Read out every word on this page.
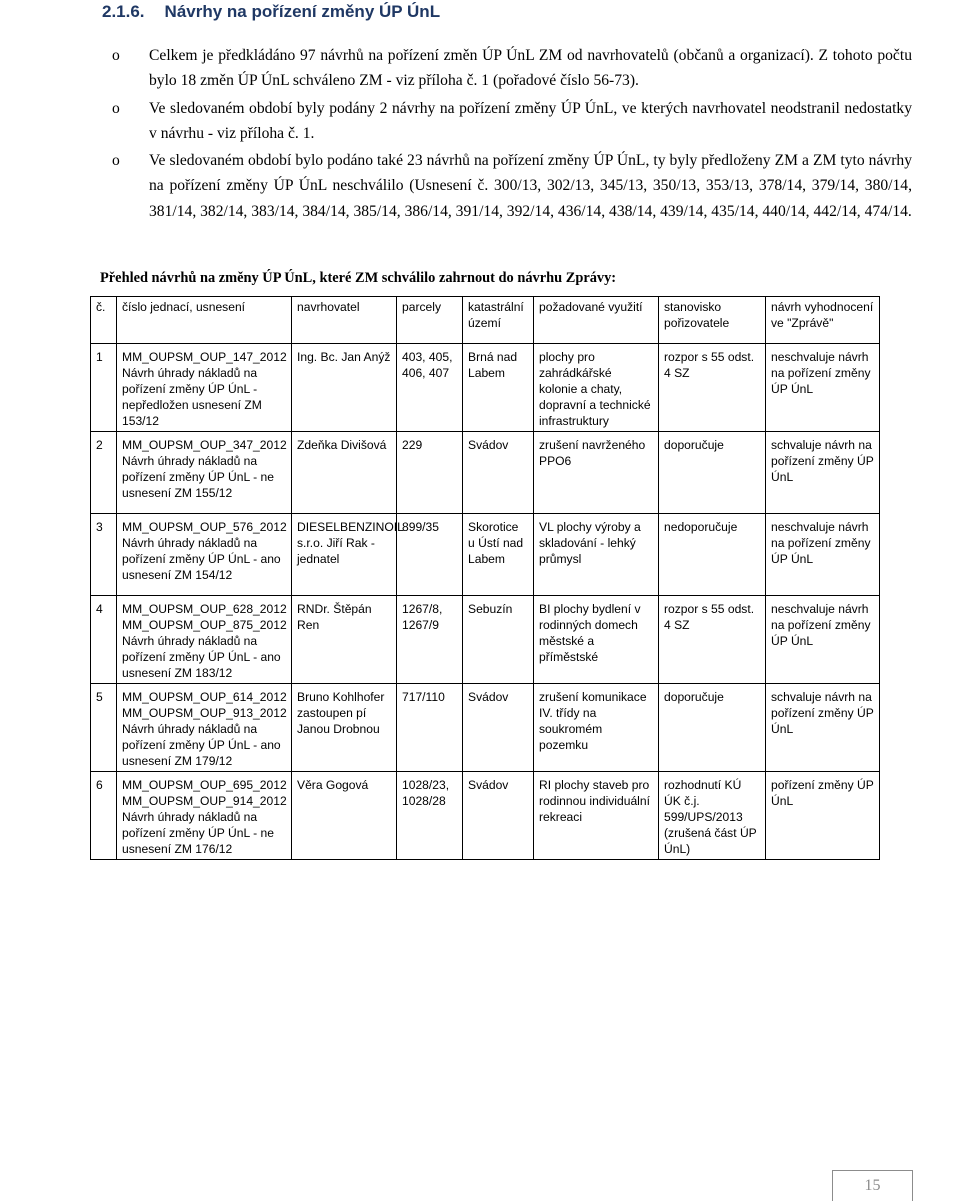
2.1.6. Návrhy na pořízení změny ÚP ÚnL
o Celkem je předkládáno 97 návrhů na pořízení změn ÚP ÚnL ZM od navrhovatelů (občanů a organizací). Z tohoto počtu bylo 18 změn ÚP ÚnL schváleno ZM - viz příloha č. 1 (pořadové číslo 56-73).
o Ve sledovaném období byly podány 2 návrhy na pořízení změny ÚP ÚnL, ve kterých navrhovatel neodstranil nedostatky v návrhu - viz příloha č. 1.
o Ve sledovaném období bylo podáno také 23 návrhů na pořízení změny ÚP ÚnL, ty byly předloženy ZM a ZM tyto návrhy na pořízení změny ÚP ÚnL neschválilo (Usnesení č. 300/13, 302/13, 345/13, 350/13, 353/13, 378/14, 379/14, 380/14, 381/14, 382/14, 383/14, 384/14, 385/14, 386/14, 391/14, 392/14, 436/14, 438/14, 439/14, 435/14, 440/14, 442/14, 474/14.
Přehled návrhů na změny ÚP ÚnL, které ZM schválilo zahrnout do návrhu Zprávy:
č.	číslo jednací, usnesení	navrhovatel	parcely	katastrální území	požadované využití	stanovisko pořizovatele	návrh vyhodnocení ve "Zprávě"
1	MM_OUPSM_OUP_147_2012 Návrh úhrady nákladů na pořízení změny ÚP ÚnL - nepředložen usnesení ZM 153/12	Ing. Bc. Jan Anýž	403, 405, 406, 407	Brná nad Labem	plochy pro zahrádkářské kolonie a chaty, dopravní a technické infrastruktury	rozpor s 55 odst. 4 SZ	neschvaluje návrh na pořízení změny ÚP ÚnL
2	MM_OUPSM_OUP_347_2012 Návrh úhrady nákladů na pořízení změny ÚP ÚnL - ne usnesení ZM 155/12	Zdeňka Divišová	229	Svádov	zrušení navrženého PPO6	doporučuje	schvaluje návrh na pořízení změny ÚP ÚnL
3	MM_OUPSM_OUP_576_2012 Návrh úhrady nákladů na pořízení změny ÚP ÚnL - ano usnesení ZM 154/12	DIESELBENZINOIL s.r.o. Jiří Rak - jednatel	899/35	Skorotice u Ústí nad Labem	VL plochy výroby a skladování - lehký průmysl	nedoporučuje	neschvaluje návrh na pořízení změny ÚP ÚnL
4	MM_OUPSM_OUP_628_2012 MM_OUPSM_OUP_875_2012 Návrh úhrady nákladů na pořízení změny ÚP ÚnL - ano usnesení ZM 183/12	RNDr. Štěpán Ren	1267/8, 1267/9	Sebuzín	BI plochy bydlení v rodinných domech městské a příměstské	rozpor s 55 odst. 4 SZ	neschvaluje návrh na pořízení změny ÚP ÚnL
5	MM_OUPSM_OUP_614_2012 MM_OUPSM_OUP_913_2012 Návrh úhrady nákladů na pořízení změny ÚP ÚnL - ano usnesení ZM 179/12	Bruno Kohlhofer zastoupen pí Janou Drobnou	717/110	Svádov	zrušení komunikace IV. třídy na soukromém pozemku	doporučuje	schvaluje návrh na pořízení změny ÚP ÚnL
6	MM_OUPSM_OUP_695_2012 MM_OUPSM_OUP_914_2012 Návrh úhrady nákladů na pořízení změny ÚP ÚnL - ne usnesení ZM 176/12	Věra Gogová	1028/23, 1028/28	Svádov	RI plochy staveb pro rodinnou individuální rekreaci	rozhodnutí KÚ ÚK č.j. 599/UPS/2013 (zrušená část ÚP ÚnL)	pořízení změny ÚP ÚnL
15
